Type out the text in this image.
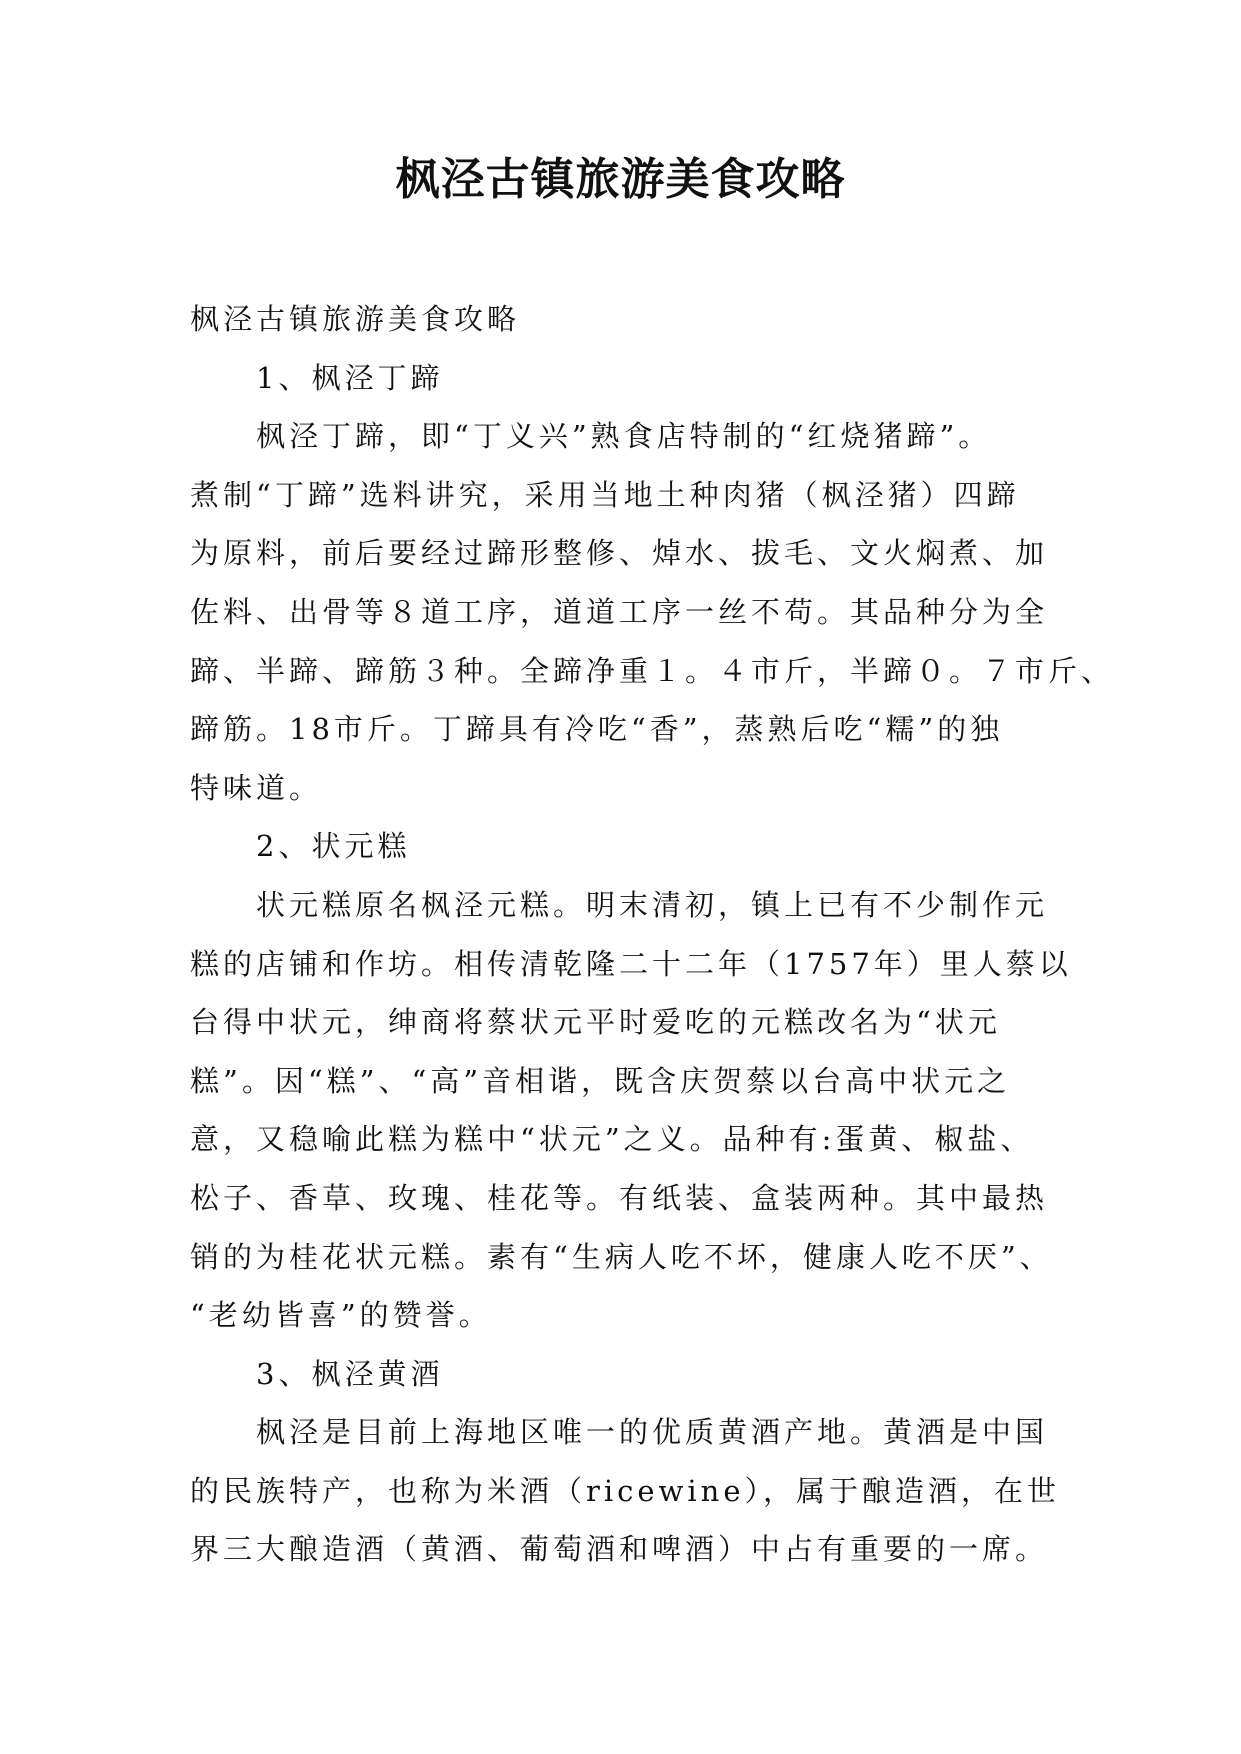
枫泾古镇旅游美食攻略
枫泾古镇旅游美食攻略
1、枫泾丁蹄
枫泾丁蹄，即“丁义兴”熟食店特制的“红烧猪蹄”。
煮制“丁蹄”选料讲究，采用当地土种肉猪（枫泾猪）四蹄
为原料，前后要经过蹄形整修、焯水、拔毛、文火焖煮、加
佐料、出骨等８道工序，道道工序一丝不苟。其品种分为全
蹄、半蹄、蹄筋３种。全蹄净重１。４市斤，半蹄０。７市斤、
蹄筋。18市斤。丁蹄具有冷吃“香”，蒸熟后吃“糯”的独
特味道。
2、状元糕
状元糕原名枫泾元糕。明末清初，镇上已有不少制作元
糕的店铺和作坊。相传清乾隆二十二年（1757年）里人蔡以
台得中状元，绅商将蔡状元平时爱吃的元糕改名为“状元
糕”。因“糕”、“高”音相谐，既含庆贺蔡以台高中状元之
意，又稳喻此糕为糕中“状元”之义。品种有:蛋黄、椒盐、
松子、香草、玫瑰、桂花等。有纸装、盒装两种。其中最热
销的为桂花状元糕。素有“生病人吃不坏，健康人吃不厌”、
“老幼皆喜”的赞誉。
3、枫泾黄酒
枫泾是目前上海地区唯一的优质黄酒产地。黄酒是中国
的民族特产，也称为米酒（ricewine），属于酿造酒，在世
界三大酿造酒（黄酒、葡萄酒和啤酒）中占有重要的一席。
